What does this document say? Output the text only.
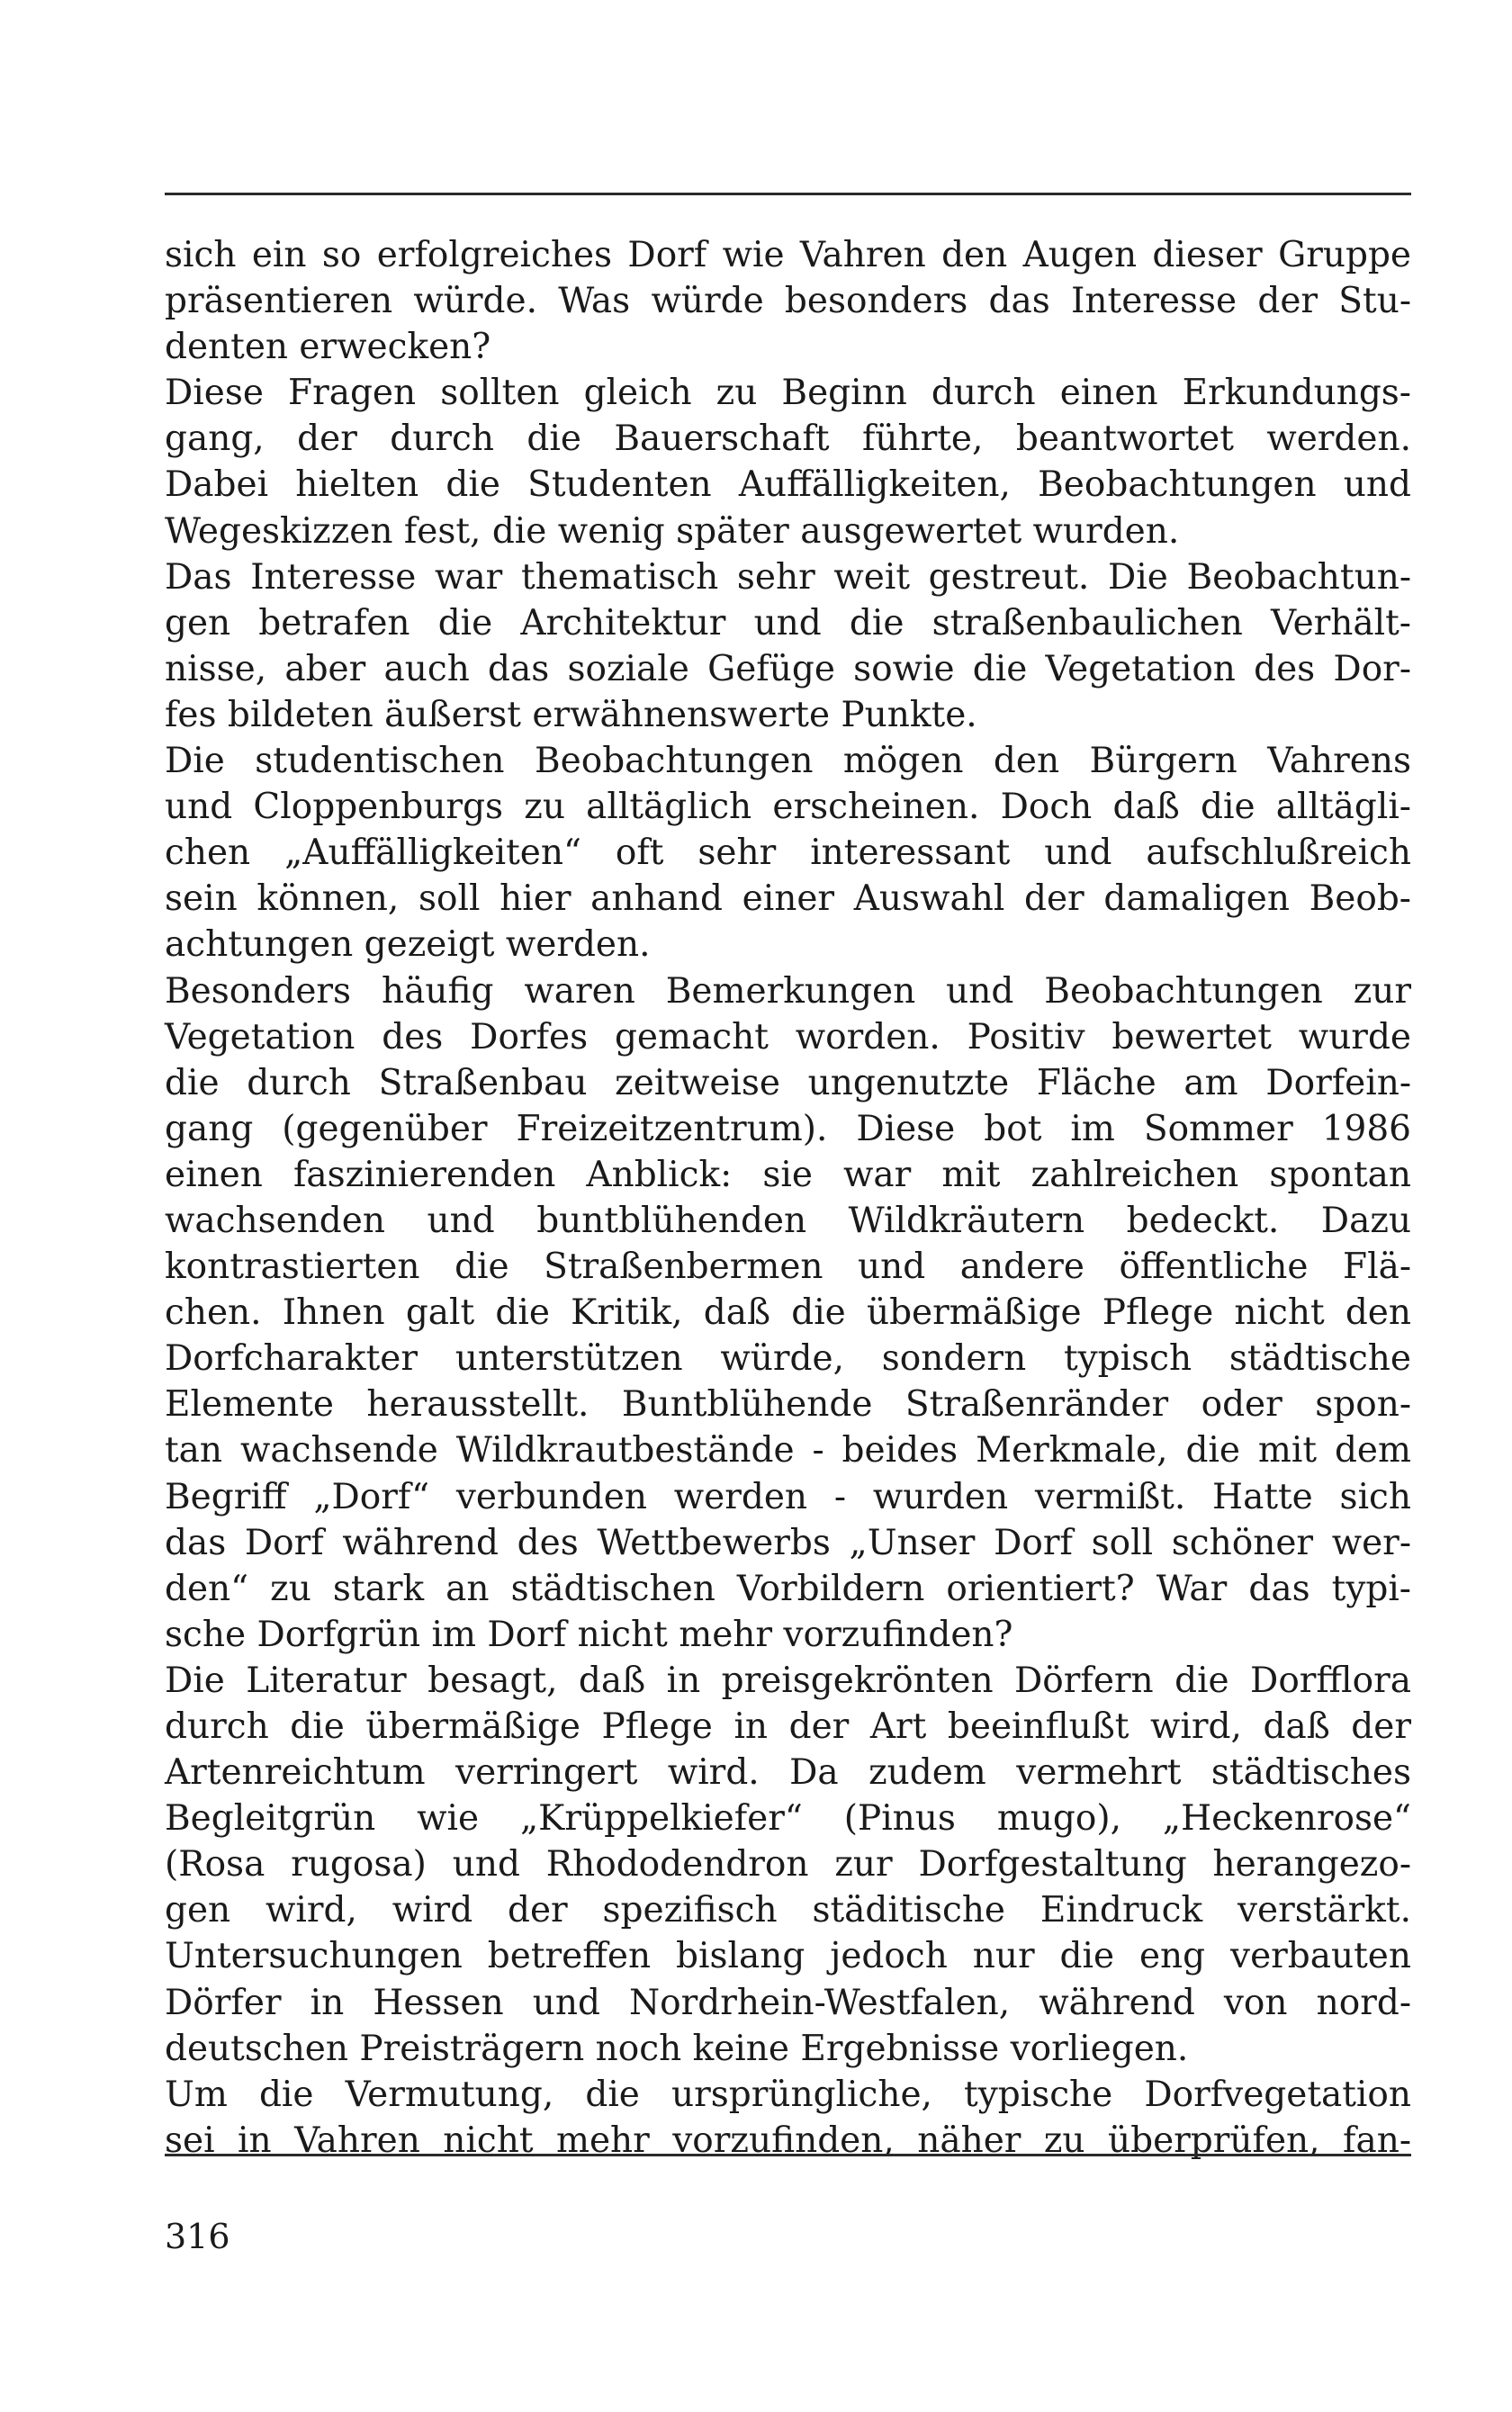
sich ein so erfolgreiches Dorf wie Vahren den Augen dieser Gruppe
präsentieren würde. Was würde besonders das Interesse der Stu-
denten erwecken?
Diese Fragen sollten gleich zu Beginn durch einen Erkundungs-
gang, der durch die Bauerschaft führte, beantwortet werden.
Dabei hielten die Studenten Auffälligkeiten, Beobachtungen und
Wegeskizzen fest, die wenig später ausgewertet wurden.
Das Interesse war thematisch sehr weit gestreut. Die Beobachtun-
gen betrafen die Architektur und die straßenbaulichen Verhält-
nisse, aber auch das soziale Gefüge sowie die Vegetation des Dor-
fes bildeten äußerst erwähnenswerte Punkte.
Die studentischen Beobachtungen mögen den Bürgern Vahrens
und Cloppenburgs zu alltäglich erscheinen. Doch daß die alltägli-
chen „Auffälligkeiten“ oft sehr interessant und aufschlußreich
sein können, soll hier anhand einer Auswahl der damaligen Beob-
achtungen gezeigt werden.
Besonders häufig waren Bemerkungen und Beobachtungen zur
Vegetation des Dorfes gemacht worden. Positiv bewertet wurde
die durch Straßenbau zeitweise ungenutzte Fläche am Dorfein-
gang (gegenüber Freizeitzentrum). Diese bot im Sommer 1986
einen faszinierenden Anblick: sie war mit zahlreichen spontan
wachsenden und buntblühenden Wildkräutern bedeckt. Dazu
kontrastierten die Straßenbermen und andere öffentliche Flä-
chen. Ihnen galt die Kritik, daß die übermäßige Pflege nicht den
Dorfcharakter unterstützen würde, sondern typisch städtische
Elemente herausstellt. Buntblühende Straßenränder oder spon-
tan wachsende Wildkrautbestände - beides Merkmale, die mit dem
Begriff „Dorf“ verbunden werden - wurden vermißt. Hatte sich
das Dorf während des Wettbewerbs „Unser Dorf soll schöner wer-
den“ zu stark an städtischen Vorbildern orientiert? War das typi-
sche Dorfgrün im Dorf nicht mehr vorzufinden?
Die Literatur besagt, daß in preisgekrönten Dörfern die Dorfflora
durch die übermäßige Pflege in der Art beeinflußt wird, daß der
Artenreichtum verringert wird. Da zudem vermehrt städtisches
Begleitgrün wie „Krüppelkiefer“ (Pinus mugo), „Heckenrose“
(Rosa rugosa) und Rhododendron zur Dorfgestaltung herangezo-
gen wird, wird der spezifisch städitische Eindruck verstärkt.
Untersuchungen betreffen bislang jedoch nur die eng verbauten
Dörfer in Hessen und Nordrhein-Westfalen, während von nord-
deutschen Preisträgern noch keine Ergebnisse vorliegen.
Um die Vermutung, die ursprüngliche, typische Dorfvegetation
sei in Vahren nicht mehr vorzufinden, näher zu überprüfen, fan-
316
